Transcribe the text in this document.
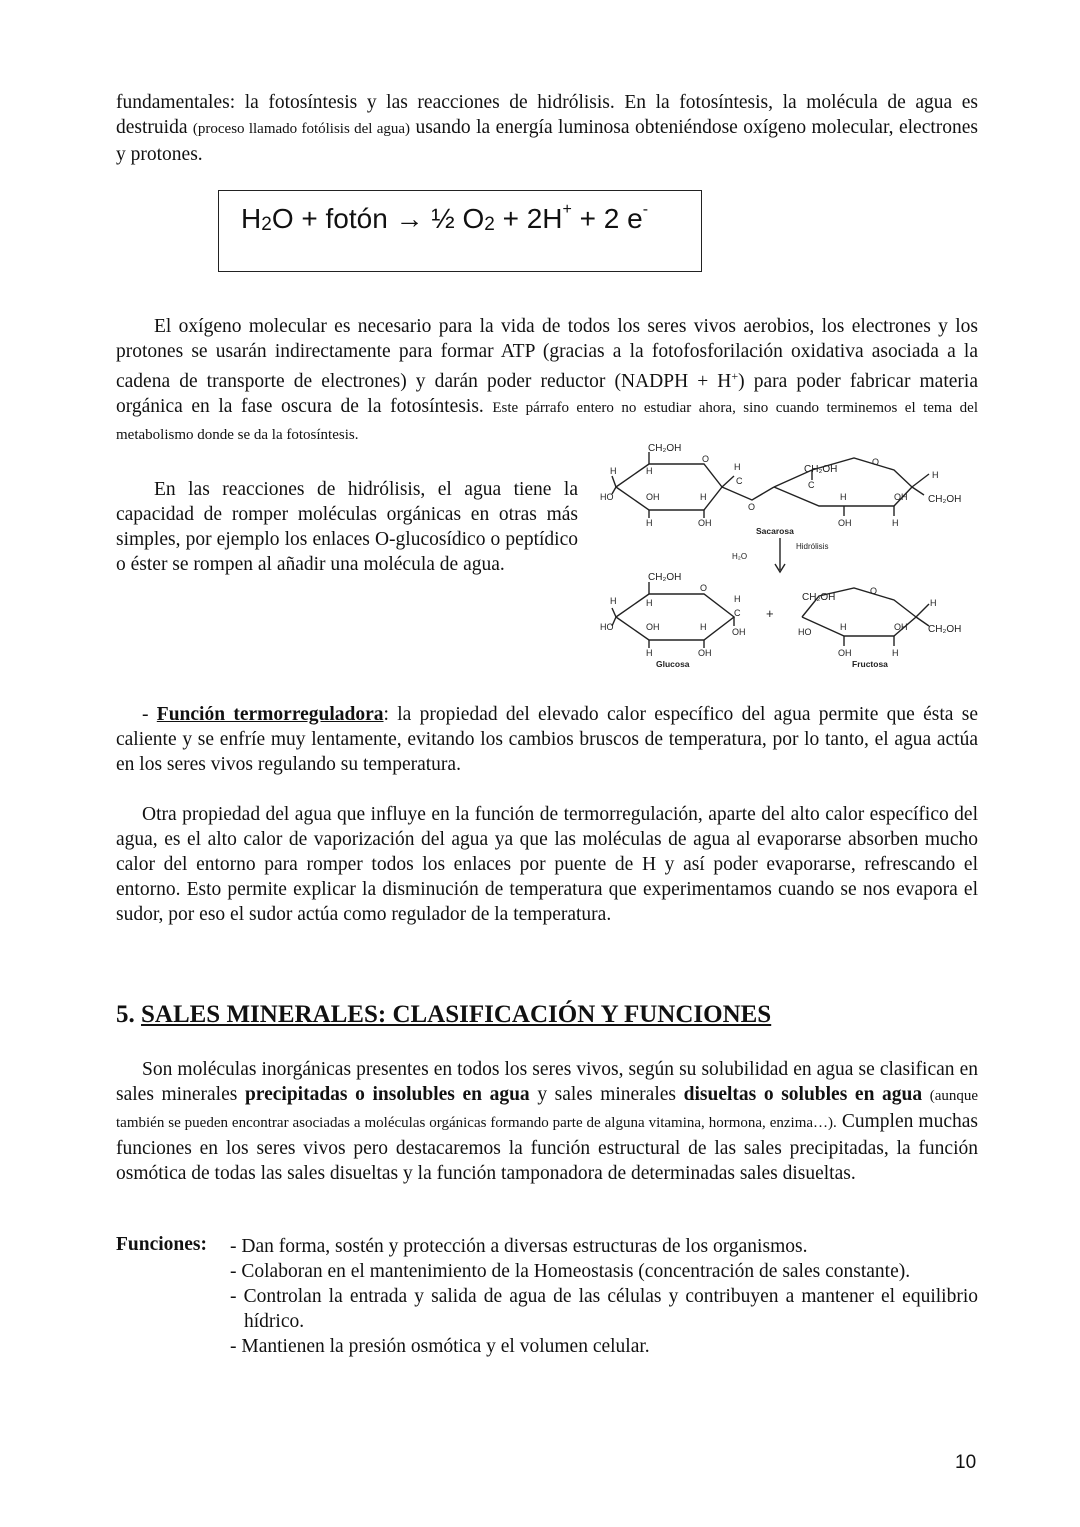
fundamentales: la fotosíntesis y las reacciones de hidrólisis. En la fotosíntesis, la molécula de agua es destruida (proceso llamado fotólisis del agua) usando la energía luminosa obteniéndose oxígeno molecular, electrones y protones.

$H_2O$ + fotón → ½ $O_2 + 2H^+ + 2$ e-

El oxígeno molecular es necesario para la vida de todos los seres vivos aerobios, los electrones y los protones se usarán indirectamente para formar ATP (gracias a la fotofosforilación oxidativa asociada a la cadena de transporte de electrones) y darán poder reductor (NADPH + H+) para poder fabricar materia orgánica en la fase oscura de la fotosíntesis. Este párrafo entero no estudiar ahora, sino cuando terminemos el tema del metabolismo donde se da la fotosíntesis.

En las reacciones de hidrólisis, el agua tiene la capacidad de romper moléculas orgánicas en otras más simples, por ejemplo los enlaces O-glucosídico o peptídico o éster se rompen al añadir una molécula de agua.

CH₂OH
H	H
O
H
C
HO	OH	H
H	OH
O
CH₂OH
C
O
H
H	OH CH₂OH
OH	H
Sacarosa
Hidrólisis
H₂O
CH₂OH
H	H
O
H
C
HO	OH	H	OH
H	OH
Glucosa
+
CH₂OH
O
H
HO	H	OH CH₂OH
OH	H
Fructosa

- Función termorreguladora: la propiedad del elevado calor específico del agua permite que ésta se caliente y se enfríe muy lentamente, evitando los cambios bruscos de temperatura, por lo tanto, el agua actúa en los seres vivos regulando su temperatura.

Otra propiedad del agua que influye en la función de termorregulación, aparte del alto calor específico del agua, es el alto calor de vaporización del agua ya que las moléculas de agua al evaporarse absorben mucho calor del entorno para romper todos los enlaces por puente de H y así poder evaporarse, refrescando el entorno. Esto permite explicar la disminución de temperatura que experimentamos cuando se nos evapora el sudor, por eso el sudor actúa como regulador de la temperatura.

5. SALES MINERALES: CLASIFICACIÓN Y FUNCIONES

Son moléculas inorgánicas presentes en todos los seres vivos, según su solubilidad en agua se clasifican en sales minerales precipitadas o insolubles en agua y sales minerales disueltas o solubles en agua (aunque también se pueden encontrar asociadas a moléculas orgánicas formando parte de alguna vitamina, hormona, enzima…). Cumplen muchas funciones en los seres vivos pero destacaremos la función estructural de las sales precipitadas, la función osmótica de todas las sales disueltas y la función tamponadora de determinadas sales disueltas.

Funciones: - Dan forma, sostén y protección a diversas estructuras de los organismos.

- Colaboran en el mantenimiento de la Homeostasis (concentración de sales constante).

- Controlan la entrada y salida de agua de las células y contribuyen a mantener el equilibrio hídrico.

- Mantienen la presión osmótica y el volumen celular.

10
